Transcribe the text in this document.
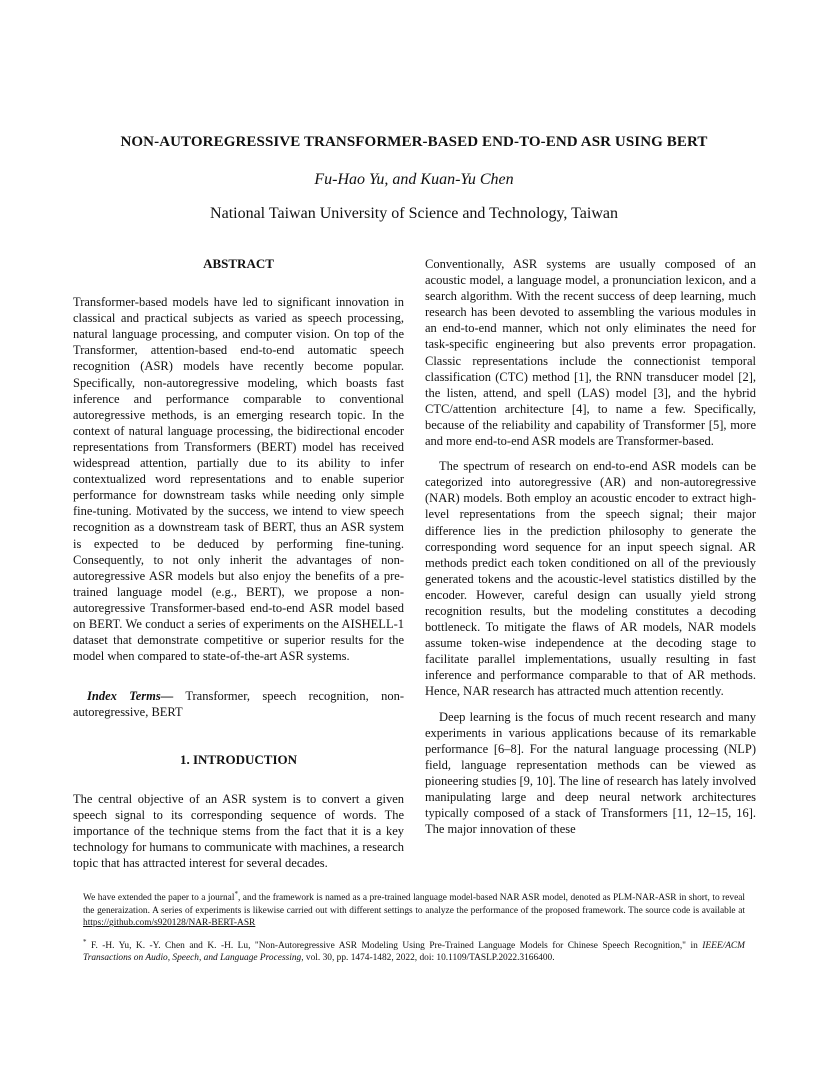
NON-AUTOREGRESSIVE TRANSFORMER-BASED END-TO-END ASR USING BERT
Fu-Hao Yu, and Kuan-Yu Chen
National Taiwan University of Science and Technology, Taiwan

ABSTRACT

Transformer-based models have led to significant innovation in classical and practical subjects as varied as speech processing, natural language processing, and computer vision. On top of the Transformer, attention-based end-to-end automatic speech recognition (ASR) models have recently become popular. Specifically, non-autoregressive modeling, which boasts fast inference and performance comparable to conventional autoregressive methods, is an emerging research topic. In the context of natural language processing, the bidirectional encoder representations from Transformers (BERT) model has received widespread attention, partially due to its ability to infer contextualized word representations and to enable superior performance for downstream tasks while needing only simple fine-tuning. Motivated by the success, we intend to view speech recognition as a downstream task of BERT, thus an ASR system is expected to be deduced by performing fine-tuning. Consequently, to not only inherit the advantages of non-autoregressive ASR models but also enjoy the benefits of a pre-trained language model (e.g., BERT), we propose a non-autoregressive Transformer-based end-to-end ASR model based on BERT. We conduct a series of experiments on the AISHELL-1 dataset that demonstrate competitive or superior results for the model when compared to state-of-the-art ASR systems.

Index Terms— Transformer, speech recognition, non-autoregressive, BERT

1. INTRODUCTION

The central objective of an ASR system is to convert a given speech signal to its corresponding sequence of words. The importance of the technique stems from the fact that it is a key technology for humans to communicate with machines, a research topic that has attracted interest for several decades.

Conventionally, ASR systems are usually composed of an acoustic model, a language model, a pronunciation lexicon, and a search algorithm. With the recent success of deep learning, much research has been devoted to assembling the various modules in an end-to-end manner, which not only eliminates the need for task-specific engineering but also prevents error propagation. Classic representations include the connectionist temporal classification (CTC) method [1], the RNN transducer model [2], the listen, attend, and spell (LAS) model [3], and the hybrid CTC/attention architecture [4], to name a few. Specifically, because of the reliability and capability of Transformer [5], more and more end-to-end ASR models are Transformer-based.

The spectrum of research on end-to-end ASR models can be categorized into autoregressive (AR) and non-autoregressive (NAR) models. Both employ an acoustic encoder to extract high-level representations from the speech signal; their major difference lies in the prediction philosophy to generate the corresponding word sequence for an input speech signal. AR methods predict each token conditioned on all of the previously generated tokens and the acoustic-level statistics distilled by the encoder. However, careful design can usually yield strong recognition results, but the modeling constitutes a decoding bottleneck. To mitigate the flaws of AR models, NAR models assume token-wise independence at the decoding stage to facilitate parallel implementations, usually resulting in fast inference and performance comparable to that of AR methods. Hence, NAR research has attracted much attention recently.

Deep learning is the focus of much recent research and many experiments in various applications because of its remarkable performance [6–8]. For the natural language processing (NLP) field, language representation methods can be viewed as pioneering studies [9, 10]. The line of research has lately involved manipulating large and deep neural network architectures typically composed of a stack of Transformers [11, 12–15, 16]. The major innovation of these

We have extended the paper to a journal*, and the framework is named as a pre-trained language model-based NAR ASR model, denoted as PLM-NAR-ASR in short, to reveal the generaization. A series of experiments is likewise carried out with different settings to analyze the performance of the proposed framework. The source code is available at https://github.com/s920128/NAR-BERT-ASR

* F. -H. Yu, K. -Y. Chen and K. -H. Lu, "Non-Autoregressive ASR Modeling Using Pre-Trained Language Models for Chinese Speech Recognition," in IEEE/ACM Transactions on Audio, Speech, and Language Processing, vol. 30, pp. 1474-1482, 2022, doi: 10.1109/TASLP.2022.3166400.
